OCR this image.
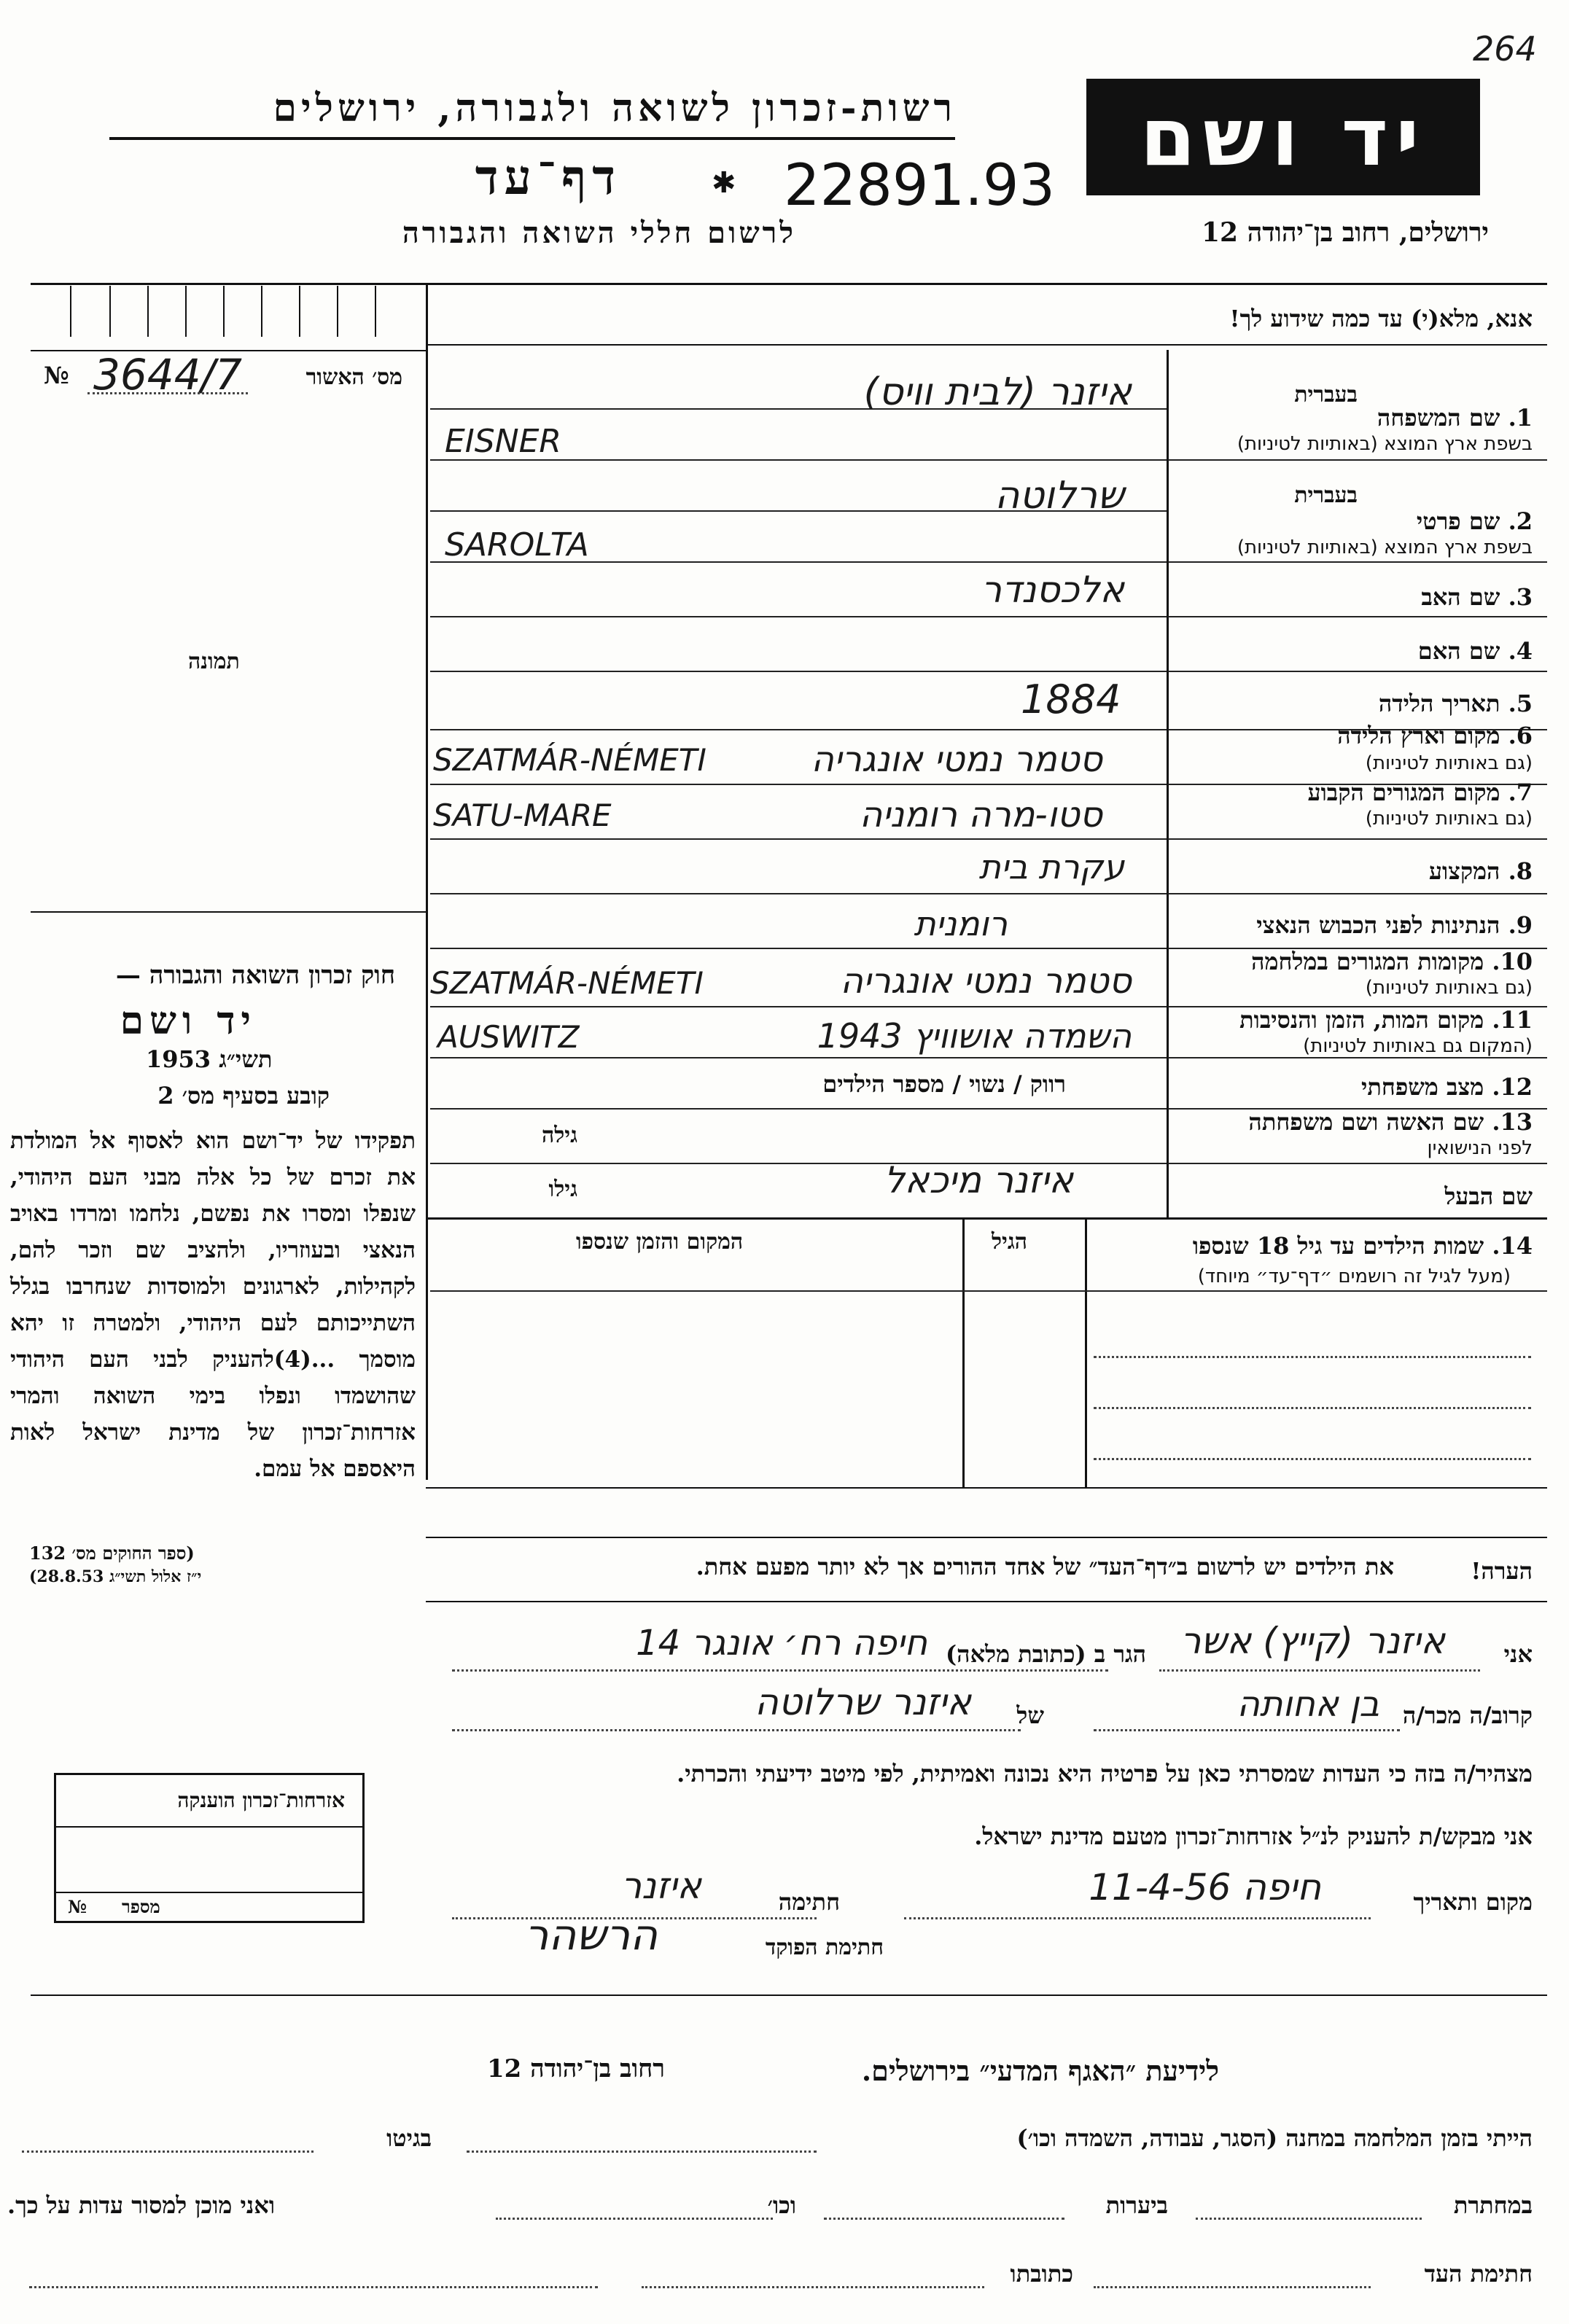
264
רשות-זכרון לשואה ולגבורה, ירושלים יד ושם
דף־עד	✱ 22891.93
לרשום חללי השואה והגבורה	ירושלים, רחוב בן־יהודה 12
אנא, מלא(י) עד כמה שידוע לך!
№ 3644/7	מס׳ האשור
תמונה
בעברית
1. שם המשפחה
בשפת ארץ המוצא (באותיות לטיניות)
איזנר (לבית וויס)
EISNER
בעברית
2. שם פרטי
בשפת ארץ המוצא (באותיות לטיניות)
שרלוטה
SAROLTA
3. שם האב
אלכסנדר
4. שם האם
5. תאריך הלידה
1884
6. מקום וארץ הלידה
(גם באותיות לטיניות)
סטמר נמטי אונגריה
SZATMÁR-NÉMETI
7. מקום המגורים הקבוע
(גם באותיות לטיניות)
סטו-מרה רומניה
SATU-MARE
8. המקצוע
עקרת בית
9. הנתינות לפני הכבוש הנאצי
רומנית
10. מקומות המגורים במלחמה
(גם באותיות לטיניות)
סטמר נמטי אונגריה
SZATMÁR-NÉMETI
11. מקום המות, הזמן והנסיבות
(המקום גם באותיות לטיניות)
השמדה אושוויץ 1943
AUSWITZ
12. מצב משפחתי
רווק / נשוי / מספר הילדים
13. שם האשה ושם משפחתה
לפני הנישואין
גילה
שם הבעל
גילו	איזנר מיכאל
14. שמות הילדים עד גיל 18 שנספו
(מעל לגיל זה רושמים ״דף־עד״ מיוחד)
הגיל
המקום והזמן שנספו
חוק זכרון השואה והגבורה —
יד ושם
1953 תשי״ג
קובע בסעיף מס׳ 2
תפקידו של יד־ושם הוא לאסוף אל המולדת את זכרם של כל אלה מבני העם היהודי, שנפלו ומסרו את נפשם, נלחמו ומרדו באויב הנאצי ובעוזריו, ולהציב שם וזכר להם, לקהילות, לארגונים ולמוסדות שנחרבו בגלל השתייכותם לעם היהודי, ולמטרה זו יהא מוסמך ...(4)להעניק לבני העם היהודי שהושמדו ונפלו בימי השואה והמרי אזרחות־זכרון של מדינת ישראל לאות היאספם אל עמם.
(ספר החוקים מס׳ 132
י״ז אלול תשי״ג 28.8.53)	הערה!
את הילדים יש לרשום ב״דף־העד״ של אחד ההורים אך לא יותר מפעם אחת.
אני
איזנר (קייץ) אשר
הגר ב (כתובת מלאה)
חיפה רח׳ אונגר 14
קרוב/ה מכר/ה
בן אחותה
של
איזנר שרלוטה
מצהיר/ה בזה כי העדות שמסרתי כאן על פרטיה היא נכונה ואמיתית, לפי מיטב ידיעתי והכרתי.
אני מבקש/ת להעניק לנ״ל אזרחות־זכרון מטעם מדינת ישראל.
מקום ותאריך
חיפה 11-4-56
חתימה
איזנר
חתימת הפוקד
הרשהר
אזרחות־זכרון הוענקה
№ מספר
לידיעת ״האגף המדעי״ בירושלים.
רחוב בן־יהודה 12
הייתי בזמן המלחמה במחנה (הסגר, עבודה, השמדה וכו׳)
בגיטו
במחתרת
ביערות
וכו׳
ואני מוכן למסור עדות על כך.
חתימת העד
כתובתו
